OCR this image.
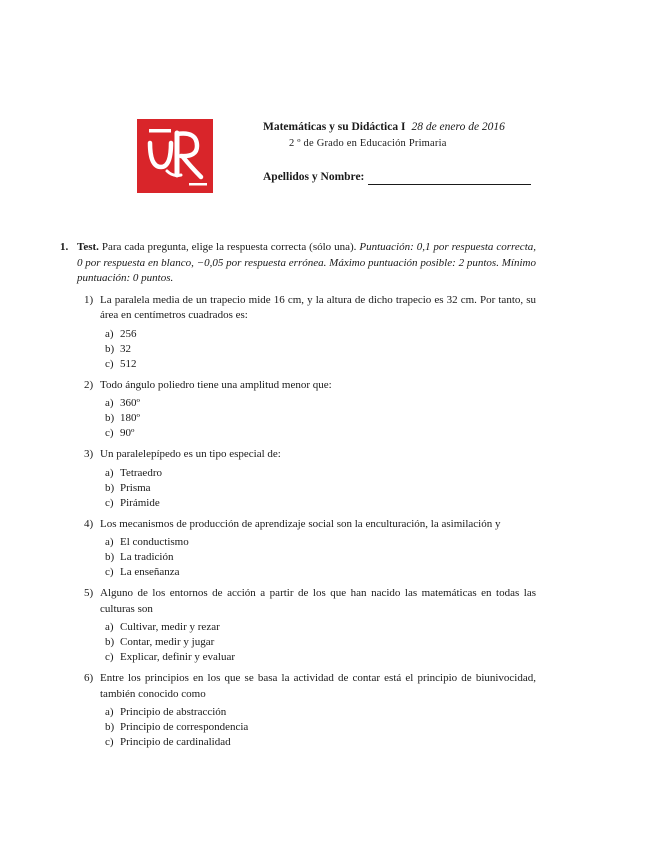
Matemáticas y su Didáctica I 28 de enero de 2016
2 º de Grado en Educación Primaria
Apellidos y Nombre:
1. Test. Para cada pregunta, elige la respuesta correcta (sólo una). Puntuación: 0,1 por respuesta correcta, 0 por respuesta en blanco, −0,05 por respuesta errónea. Máximo puntuación posible: 2 puntos. Mínimo puntuación: 0 puntos.
1) La paralela media de un trapecio mide 16 cm, y la altura de dicho trapecio es 32 cm. Por tanto, su área en centímetros cuadrados es:
a) 256
b) 32
c) 512
2) Todo ángulo poliedro tiene una amplitud menor que:
a) 360º
b) 180º
c) 90º
3) Un paralelepípedo es un tipo especial de:
a) Tetraedro
b) Prisma
c) Pirámide
4) Los mecanismos de producción de aprendizaje social son la enculturación, la asimilación y
a) El conductismo
b) La tradición
c) La enseñanza
5) Alguno de los entornos de acción a partir de los que han nacido las matemáticas en todas las culturas son
a) Cultivar, medir y rezar
b) Contar, medir y jugar
c) Explicar, definir y evaluar
6) Entre los principios en los que se basa la actividad de contar está el principio de biunivocidad, también conocido como
a) Principio de abstracción
b) Principio de correspondencia
c) Principio de cardinalidad
